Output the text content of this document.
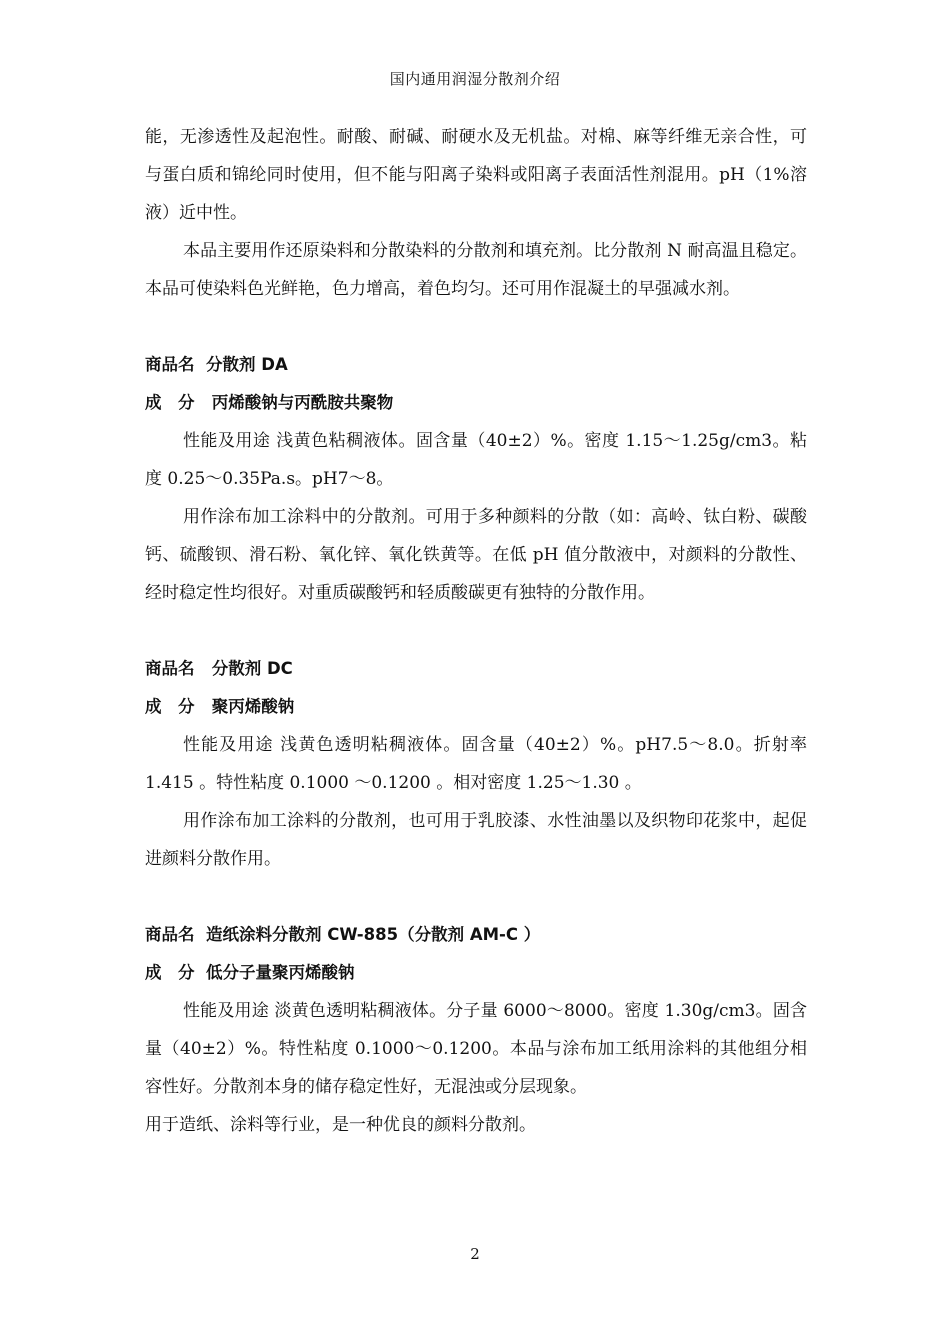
国内通用润湿分散剂介绍

能，无渗透性及起泡性。耐酸、耐碱、耐硬水及无机盐。对棉、麻等纤维无亲合性，可与蛋白质和锦纶同时使用，但不能与阳离子染料或阳离子表面活性剂混用。pH（1%溶液）近中性。

本品主要用作还原染料和分散染料的分散剂和填充剂。比分散剂 N 耐高温且稳定。本品可使染料色光鲜艳，色力增高，着色均匀。还可用作混凝土的早强减水剂。

商品名 分散剂 DA

成　分 丙烯酸钠与丙酰胺共聚物

性能及用途 浅黄色粘稠液体。固含量（40±2）%。密度 1.15～1.25g/cm3。粘度 0.25～0.35Pa.s。pH7～8。

用作涂布加工涂料中的分散剂。可用于多种颜料的分散（如：高岭、钛白粉、碳酸钙、硫酸钡、滑石粉、氧化锌、氧化铁黄等。在低 pH 值分散液中，对颜料的分散性、经时稳定性均很好。对重质碳酸钙和轻质酸碳更有独特的分散作用。

商品名 分散剂 DC

成　分 聚丙烯酸钠

性能及用途 浅黄色透明粘稠液体。固含量（40±2）%。pH7.5～8.0。折射率 1.415 。特性粘度 0.1000 ～0.1200 。相对密度 1.25～1.30 。

用作涂布加工涂料的分散剂，也可用于乳胶漆、水性油墨以及织物印花浆中，起促进颜料分散作用。

商品名 造纸涂料分散剂 CW-885（分散剂 AM-C ）

成　分 低分子量聚丙烯酸钠

性能及用途 淡黄色透明粘稠液体。分子量 6000～8000。密度 1.30g/cm3。固含量（40±2）%。特性粘度 0.1000～0.1200。本品与涂布加工纸用涂料的其他组分相容性好。分散剂本身的储存稳定性好，无混浊或分层现象。

用于造纸、涂料等行业，是一种优良的颜料分散剂。

2
